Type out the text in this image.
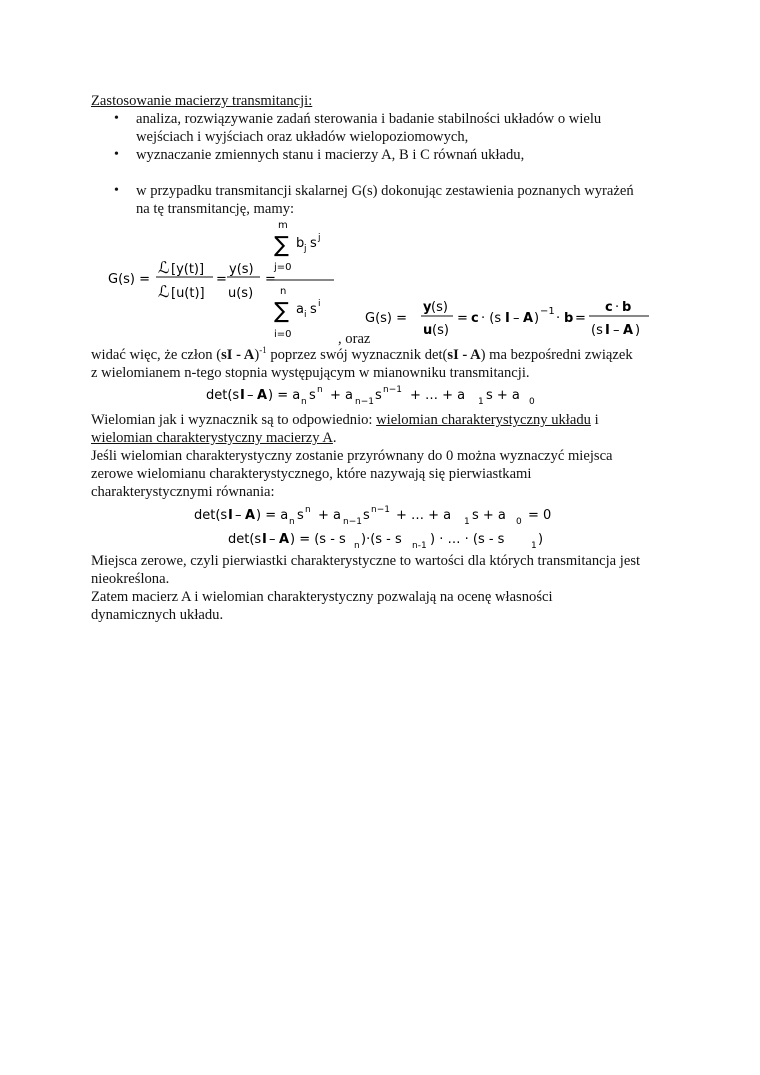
Zastosowanie macierzy transmitancji:
• analiza, rozwiązywanie zadań sterowania i badanie stabilności układów o wielu
wejściach i wyjściach oraz układów wielopoziomowych,
• wyznaczanie zmiennych stanu i macierzy A, B i C równań układu,
• w przypadku transmitancji skalarnej G(s) dokonując zestawienia poznanych wyrażeń
na tę transmitancję, mamy:
G(s) =
ℒ [y(t)]
ℒ [u(t)]
=
y(s)
u(s)
=
m
∑ b j s j
j=0
n
∑ a i s i
i=0	, oraz
G(s) =
y (s)
u (s)
= c · (s I – A ) −1 · b =
c · b
(s I – A )
widać więc, że człon (sI - A)$^{-1}$ poprzez swój wyznacznik det(sI - A) ma bezpośredni związek
z wielomianem n-tego stopnia występującym w mianowniku transmitancji.
det(s I – A ) = a n s n + a n−1 s n−1 + … + a 1 s + a 0
Wielomian jak i wyznacznik są to odpowiednio: wielomian charakterystyczny układu i
wielomian charakterystyczny macierzy A.
Jeśli wielomian charakterystyczny zostanie przyrównany do 0 można wyznaczyć miejsca
zerowe wielomianu charakterystycznego, które nazywają się pierwiastkami
charakterystycznymi równania:
det(s I – A ) = a n s n + a n−1 s n−1 + … + a 1 s + a 0 = 0
det(s I – A ) = (s - s n )·(s - s n-1 ) · … · (s - s	1 )
Miejsca zerowe, czyli pierwiastki charakterystyczne to wartości dla których transmitancja jest
nieokreślona.
Zatem macierz A i wielomian charakterystyczny pozwalają na ocenę własności
dynamicznych układu.
